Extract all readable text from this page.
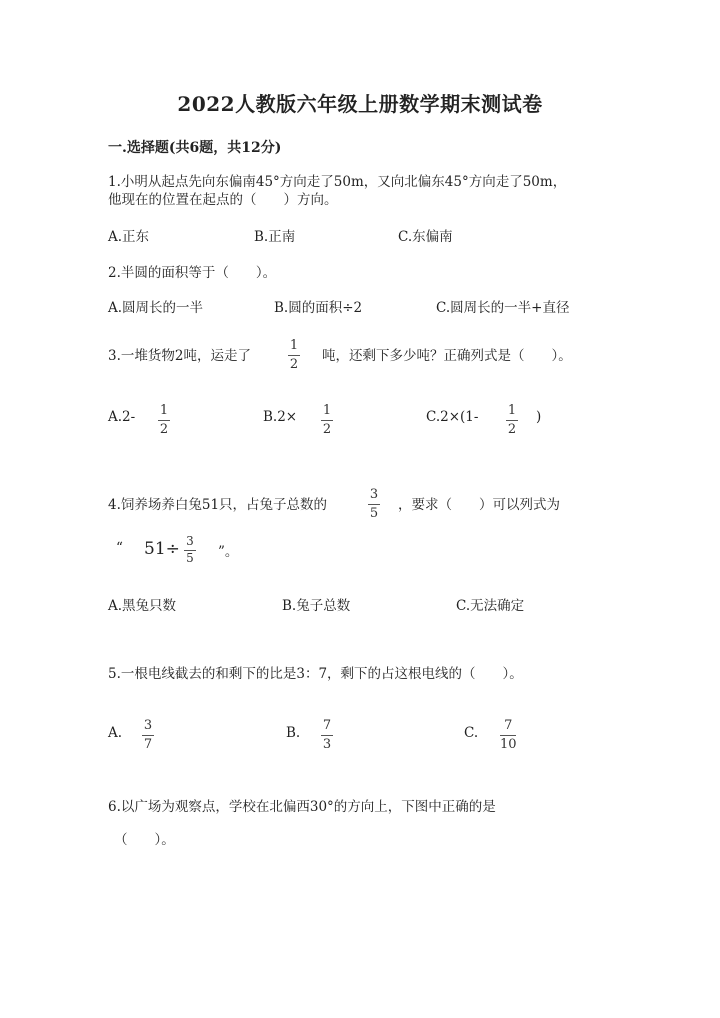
2022人教版六年级上册数学期末测试卷
一.选择题(共6题，共12分)
1.小明从起点先向东偏南45°方向走了50m，又向北偏东45°方向走了50m，
他现在的位置在起点的（　　）方向。
A.正东	B.正南	C.东偏南
2.半圆的面积等于（　　）。
A.圆周长的一半	B.圆的面积÷2	C.圆周长的一半+直径
3.一堆货物2吨，运走了
1
2
吨，还剩下多少吨？正确列式是（　　）。
A.2- 1
2
B.2× 1
2
C.2×(1- 1
2
)
4.饲养场养白兔51只，占兔子总数的
3
5
，要求（　　）可以列式为
“ 51÷ 3
5 ”。
A.黑兔只数	B.兔子总数	C.无法确定
5.一根电线截去的和剩下的比是3：7，剩下的占这根电线的（　　）。
A. 3
7
B. 7
3
C. 7
10
6.以广场为观察点，学校在北偏西30°的方向上，下图中正确的是
（　　）。
